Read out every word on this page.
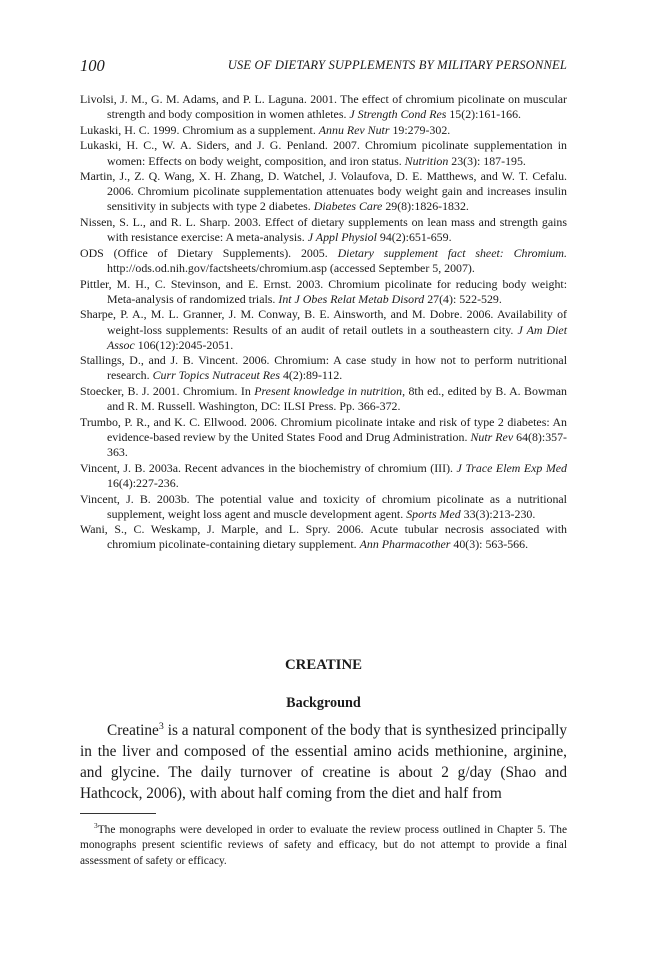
100	USE OF DIETARY SUPPLEMENTS BY MILITARY PERSONNEL

Livolsi, J. M., G. M. Adams, and P. L. Laguna. 2001. The effect of chromium picolinate on muscular strength and body composition in women athletes. J Strength Cond Res 15(2):161-166.

Lukaski, H. C. 1999. Chromium as a supplement. Annu Rev Nutr 19:279-302.

Lukaski, H. C., W. A. Siders, and J. G. Penland. 2007. Chromium picolinate supplementation in women: Effects on body weight, composition, and iron status. Nutrition 23(3): 187-195.

Martin, J., Z. Q. Wang, X. H. Zhang, D. Watchel, J. Volaufova, D. E. Matthews, and W. T. Cefalu. 2006. Chromium picolinate supplementation attenuates body weight gain and increases insulin sensitivity in subjects with type 2 diabetes. Diabetes Care 29(8):1826-1832.

Nissen, S. L., and R. L. Sharp. 2003. Effect of dietary supplements on lean mass and strength gains with resistance exercise: A meta-analysis. J Appl Physiol 94(2):651-659.

ODS (Office of Dietary Supplements). 2005. Dietary supplement fact sheet: Chromium. http://ods.od.nih.gov/factsheets/chromium.asp (accessed September 5, 2007).

Pittler, M. H., C. Stevinson, and E. Ernst. 2003. Chromium picolinate for reducing body weight: Meta-analysis of randomized trials. Int J Obes Relat Metab Disord 27(4): 522-529.

Sharpe, P. A., M. L. Granner, J. M. Conway, B. E. Ainsworth, and M. Dobre. 2006. Availability of weight-loss supplements: Results of an audit of retail outlets in a southeastern city. J Am Diet Assoc 106(12):2045-2051.

Stallings, D., and J. B. Vincent. 2006. Chromium: A case study in how not to perform nutritional research. Curr Topics Nutraceut Res 4(2):89-112.

Stoecker, B. J. 2001. Chromium. In Present knowledge in nutrition, 8th ed., edited by B. A. Bowman and R. M. Russell. Washington, DC: ILSI Press. Pp. 366-372.

Trumbo, P. R., and K. C. Ellwood. 2006. Chromium picolinate intake and risk of type 2 diabetes: An evidence-based review by the United States Food and Drug Administration. Nutr Rev 64(8):357-363.

Vincent, J. B. 2003a. Recent advances in the biochemistry of chromium (III). J Trace Elem Exp Med 16(4):227-236.

Vincent, J. B. 2003b. The potential value and toxicity of chromium picolinate as a nutritional supplement, weight loss agent and muscle development agent. Sports Med 33(3):213-230.

Wani, S., C. Weskamp, J. Marple, and L. Spry. 2006. Acute tubular necrosis associated with chromium picolinate-containing dietary supplement. Ann Pharmacother 40(3): 563-566.

CREATINE
Background

Creatine$^3$ is a natural component of the body that is synthesized principally in the liver and composed of the essential amino acids methionine, arginine, and glycine. The daily turnover of creatine is about 2 g/day (Shao and Hathcock, 2006), with about half coming from the diet and half from

$^3$The monographs were developed in order to evaluate the review process outlined in Chapter 5. The monographs present scientific reviews of safety and efficacy, but do not attempt to provide a final assessment of safety or efficacy.
